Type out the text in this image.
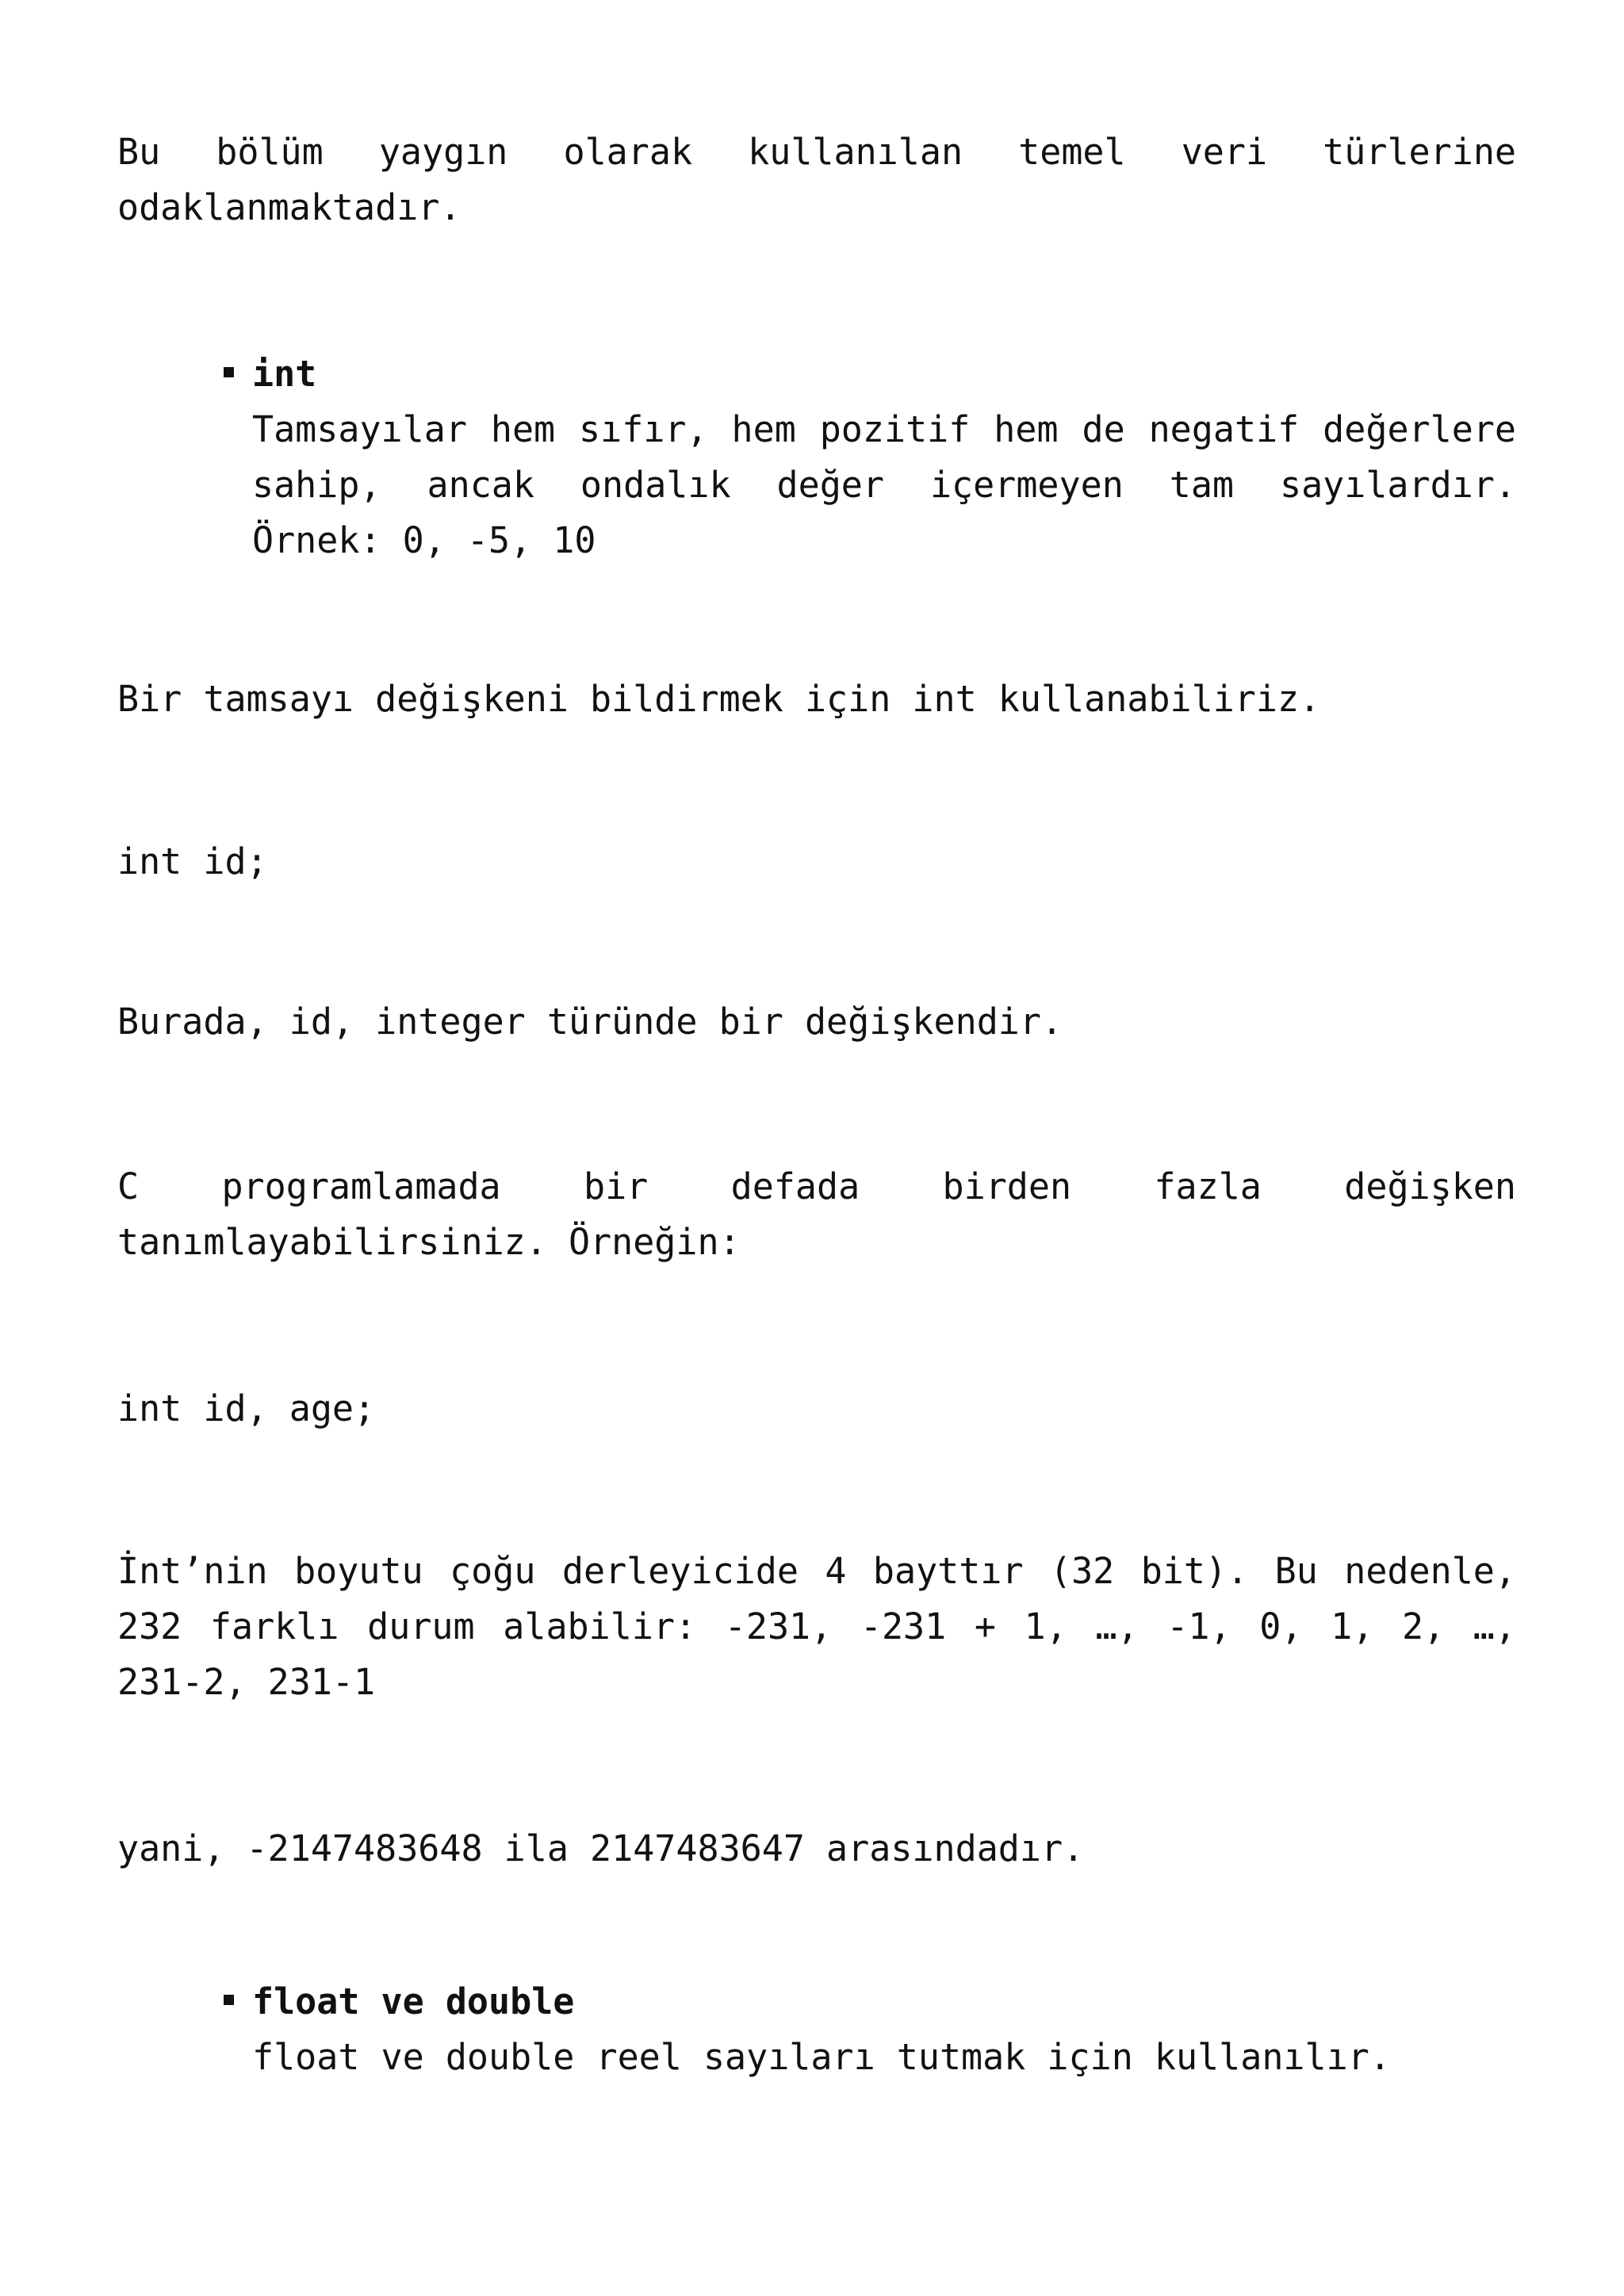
Bu bölüm yaygın olarak kullanılan temel veri türlerine odaklanmaktadır.

int
Tamsayılar hem sıfır, hem pozitif hem de negatif değerlere sahip, ancak ondalık değer içermeyen tam sayılardır. Örnek: 0, -5, 10

Bir tamsayı değişkeni bildirmek için int kullanabiliriz.

int id;

Burada, id, integer türünde bir değişkendir.

C programlamada bir defada birden fazla değişken tanımlayabilirsiniz. Örneğin:

int id, age;

İnt’nin boyutu çoğu derleyicide 4 bayttır (32 bit). Bu nedenle, 232 farklı durum alabilir: -231, -231 + 1, …, -1, 0, 1, 2, …, 231-2, 231-1

yani, -2147483648 ila 2147483647 arasındadır.

float ve double
float ve double reel sayıları tutmak için kullanılır.
